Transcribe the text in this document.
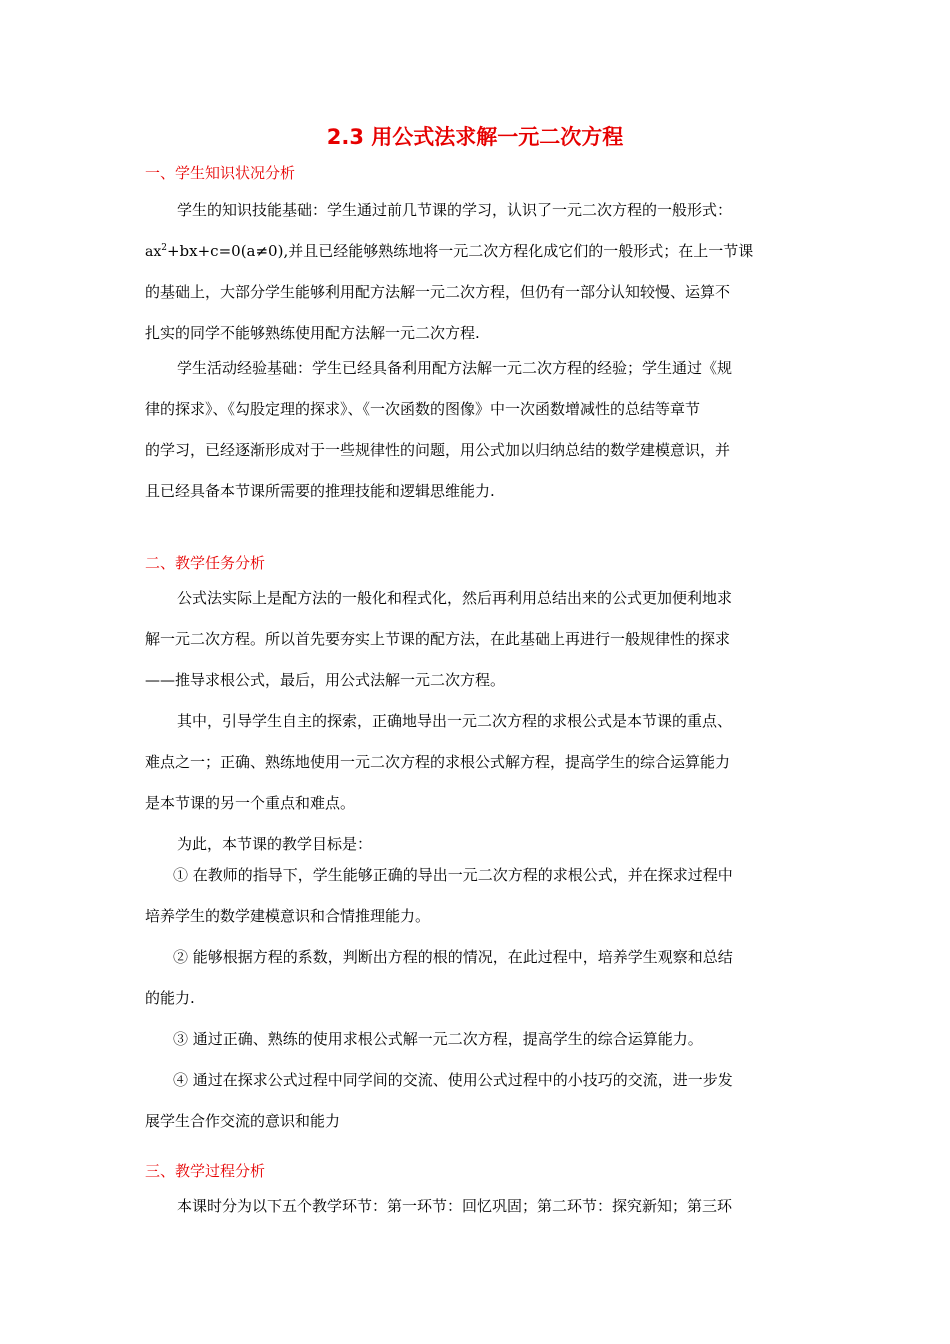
2.3 用公式法求解一元二次方程
一、学生知识状况分析
学生的知识技能基础：学生通过前几节课的学习，认识了一元二次方程的一般形式：
$ax^2+bx+c=0(a\ne 0)$,并且已经能够熟练地将一元二次方程化成它们的一般形式；在上一节课
的基础上，大部分学生能够利用配方法解一元二次方程，但仍有一部分认知较慢、运算不
扎实的同学不能够熟练使用配方法解一元二次方程.
学生活动经验基础：学生已经具备利用配方法解一元二次方程的经验；学生通过《规
律的探求》、《勾股定理的探求》、《一次函数的图像》中一次函数增减性的总结等章节
的学习，已经逐渐形成对于一些规律性的问题，用公式加以归纳总结的数学建模意识，并
且已经具备本节课所需要的推理技能和逻辑思维能力.
二、教学任务分析
公式法实际上是配方法的一般化和程式化，然后再利用总结出来的公式更加便利地求
解一元二次方程。所以首先要夯实上节课的配方法，在此基础上再进行一般规律性的探求
——推导求根公式，最后，用公式法解一元二次方程。
其中，引导学生自主的探索，正确地导出一元二次方程的求根公式是本节课的重点、
难点之一；正确、熟练地使用一元二次方程的求根公式解方程，提高学生的综合运算能力
是本节课的另一个重点和难点。
为此，本节课的教学目标是：
① 在教师的指导下，学生能够正确的导出一元二次方程的求根公式，并在探求过程中
培养学生的数学建模意识和合情推理能力。
② 能够根据方程的系数，判断出方程的根的情况，在此过程中，培养学生观察和总结
的能力.
③ 通过正确、熟练的使用求根公式解一元二次方程，提高学生的综合运算能力。
④ 通过在探求公式过程中同学间的交流、使用公式过程中的小技巧的交流，进一步发
展学生合作交流的意识和能力
三、教学过程分析
本课时分为以下五个教学环节：第一环节：回忆巩固；第二环节：探究新知；第三环
